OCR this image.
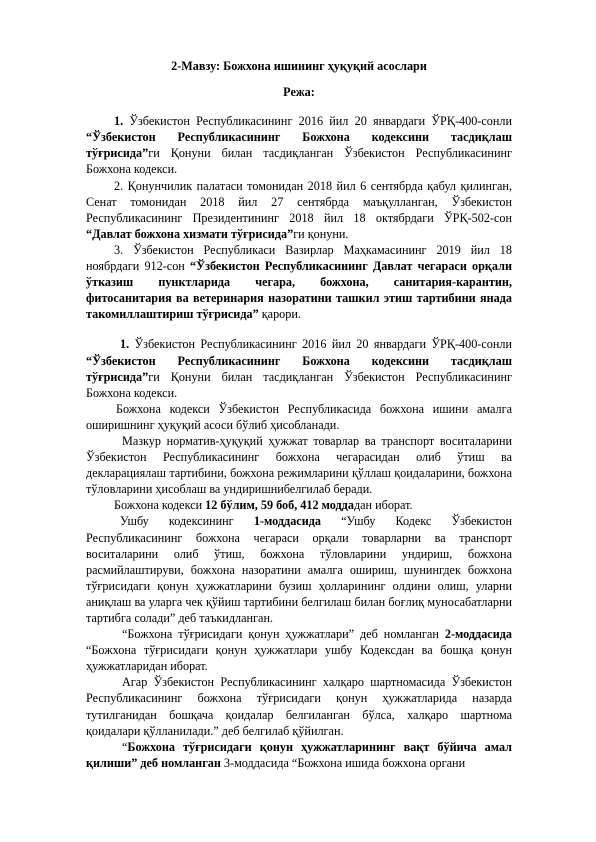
2-Мавзу: Божхона ишининг ҳуқуқий асослари
Режа:

1. Ўзбекистон Республикасининг 2016 йил 20 январдаги ЎРҚ-400-сонли “Ўзбекистон Республикасининг Божхона кодексини тасдиқлаш тўғрисида”ги Қонуни билан тасдиқланган Ўзбекистон Республикасининг Божхона кодекси.

2. Қонунчилик палатаси томонидан 2018 йил 6 сентябрда қабул қилинган, Сенат томонидан 2018 йил 27 сентябрда маъқулланган, Ўзбекистон Республикасининг Президентининг 2018 йил 18 октябрдаги ЎРҚ-502-сон “Давлат божхона хизмати тўғрисида”ги қонуни.

3. Ўзбекистон Республикаси Вазирлар Маҳкамасининг 2019 йил 18 ноябрдаги 912-сон “Ўзбекистон Республикасининг Давлат чегараси орқали ўтказиш пунктларида чегара, божхона, санитария-карантин, фитосанитария ва ветеринария назоратини ташкил этиш тартибини янада такомиллаштириш тўғрисида” қарори.

1. Ўзбекистон Республикасининг 2016 йил 20 январдаги ЎРҚ-400-сонли “Ўзбекистон Республикасининг Божхона кодексини тасдиқлаш тўғрисида”ги Қонуни билан тасдиқланган Ўзбекистон Республикасининг Божхона кодекси.

Божхона кодекси Ўзбекистон Республикасида божхона ишини амалга оширишнинг ҳуқуқий асоси бўлиб ҳисобланади.

Мазкур норматив-ҳуқуқий ҳужжат товарлар ва транспорт воситаларини Ўзбекистон Республикасининг божхона чегарасидан олиб ўтиш ва декларациялаш тартибини, божхона режимларини қўллаш қоидаларини, божхона тўловларини ҳисоблаш ва ундиришнибелгилаб беради.

Божхона кодекси 12 бўлим, 59 боб, 412 моддадан иборат.

Ушбу кодексининг 1-моддасида “Ушбу Кодекс Ўзбекистон Республикасининг божхона чегараси орқали товарларни ва транспорт воситаларини олиб ўтиш, божхона тўловларини ундириш, божхона расмийлаштируви, божхона назоратини амалга ошириш, шунингдек божхона тўғрисидаги қонун ҳужжатларини бузиш ҳолларининг олдини олиш, уларни аниқлаш ва уларга чек қўйиш тартибини белгилаш билан боғлиқ муносабатларни тартибга солади” деб таъкидланган.

“Божхона тўғрисидаги қонун ҳужжатлари” деб номланган 2-моддасида “Божхона тўғрисидаги қонун ҳужжатлари ушбу Кодексдан ва бошқа қонун ҳужжатларидан иборат.

Агар Ўзбекистон Республикасининг халқаро шартномасида Ўзбекистон Республикасининг божхона тўғрисидаги қонун ҳужжатларида назарда тутилганидан бошқача қоидалар белгиланган бўлса, халқаро шартнома қоидалари қўлланилади.” деб белгилаб қўйилган.

“Божхона тўғрисидаги қонун ҳужжатларининг вақт бўйича амал қилиши” деб номланган 3-моддасида “Божхона ишида божхона органи
